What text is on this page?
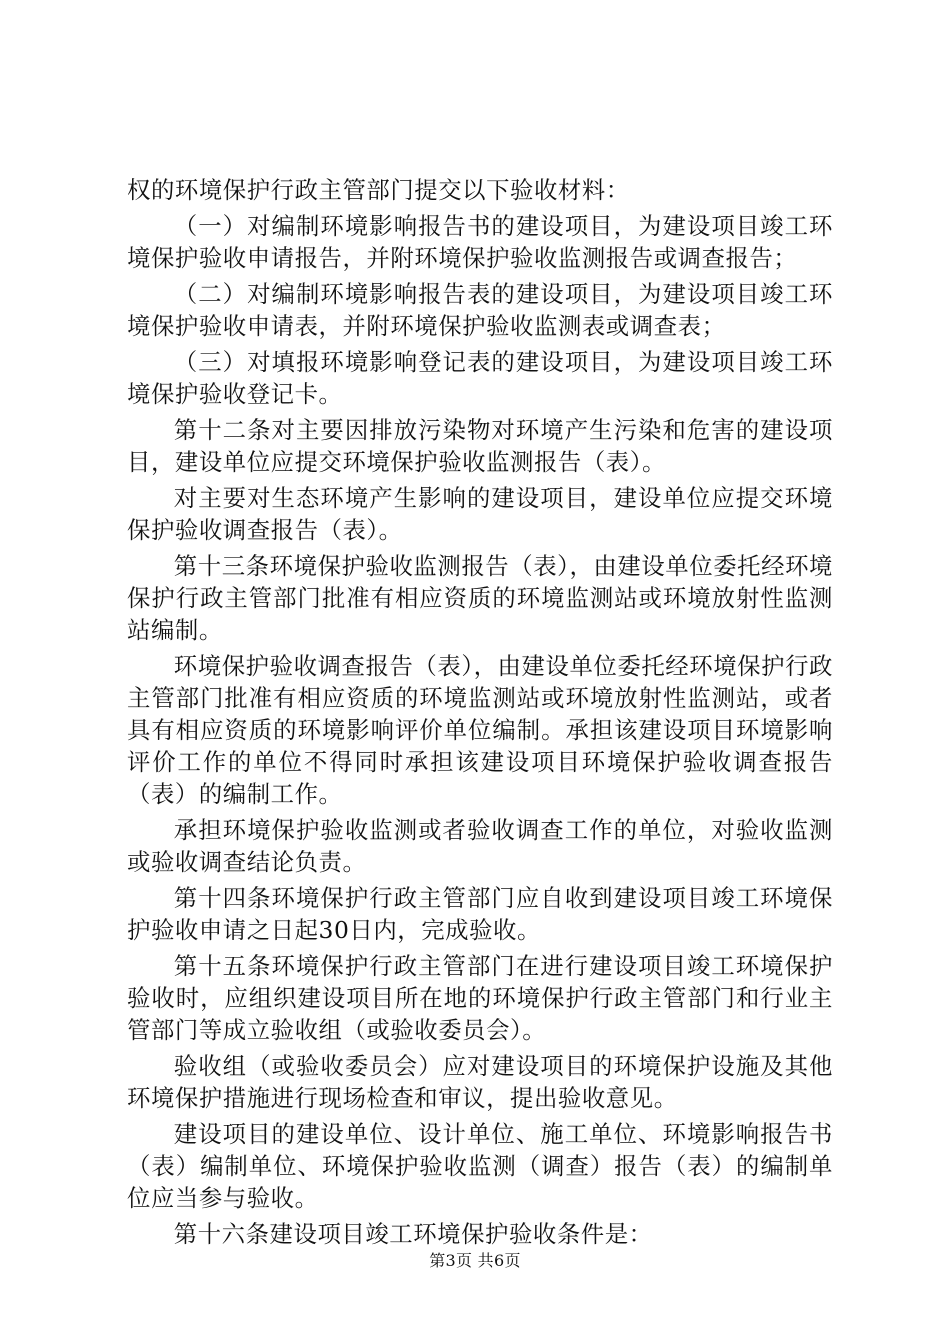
权的环境保护行政主管部门提交以下验收材料：

（一）对编制环境影响报告书的建设项目，为建设项目竣工环境保护验收申请报告，并附环境保护验收监测报告或调查报告；

（二）对编制环境影响报告表的建设项目，为建设项目竣工环境保护验收申请表，并附环境保护验收监测表或调查表；

（三）对填报环境影响登记表的建设项目，为建设项目竣工环境保护验收登记卡。

第十二条对主要因排放污染物对环境产生污染和危害的建设项目，建设单位应提交环境保护验收监测报告（表）。

对主要对生态环境产生影响的建设项目，建设单位应提交环境保护验收调查报告（表）。

第十三条环境保护验收监测报告（表），由建设单位委托经环境保护行政主管部门批准有相应资质的环境监测站或环境放射性监测站编制。

环境保护验收调查报告（表），由建设单位委托经环境保护行政主管部门批准有相应资质的环境监测站或环境放射性监测站，或者具有相应资质的环境影响评价单位编制。承担该建设项目环境影响评价工作的单位不得同时承担该建设项目环境保护验收调查报告（表）的编制工作。

承担环境保护验收监测或者验收调查工作的单位，对验收监测或验收调查结论负责。

第十四条环境保护行政主管部门应自收到建设项目竣工环境保护验收申请之日起30日内，完成验收。

第十五条环境保护行政主管部门在进行建设项目竣工环境保护验收时，应组织建设项目所在地的环境保护行政主管部门和行业主管部门等成立验收组（或验收委员会）。

验收组（或验收委员会）应对建设项目的环境保护设施及其他环境保护措施进行现场检查和审议，提出验收意见。

建设项目的建设单位、设计单位、施工单位、环境影响报告书（表）编制单位、环境保护验收监测（调查）报告（表）的编制单位应当参与验收。

第十六条建设项目竣工环境保护验收条件是：

第3页 共6页
